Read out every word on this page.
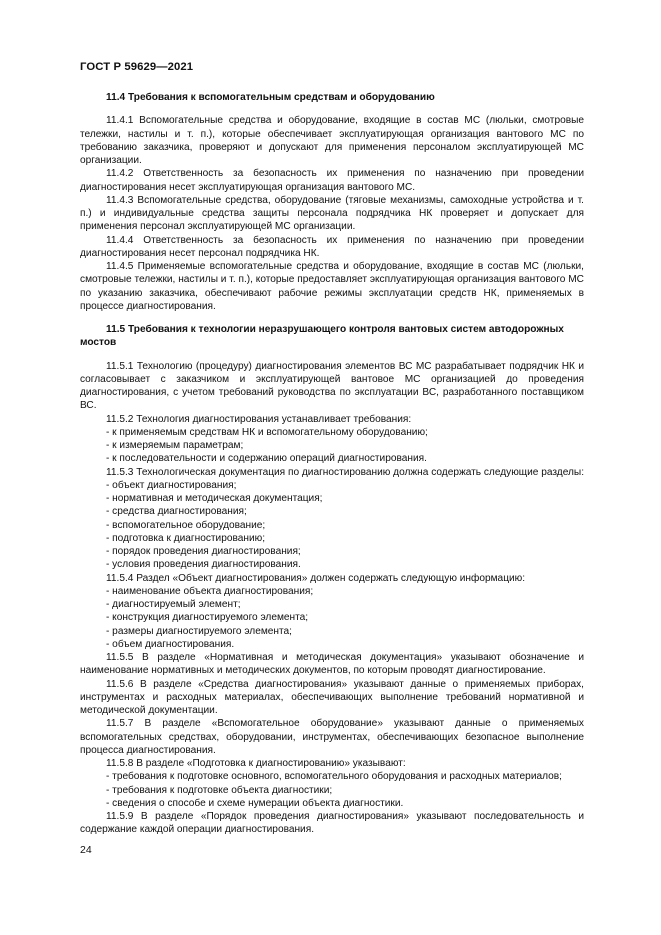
ГОСТ Р 59629—2021
11.4 Требования к вспомогательным средствам и оборудованию

11.4.1 Вспомогательные средства и оборудование, входящие в состав МС (люльки, смотровые тележки, настилы и т. п.), которые обеспечивает эксплуатирующая организация вантового МС по требованию заказчика, проверяют и допускают для применения персоналом эксплуатирующей МС организации.

11.4.2 Ответственность за безопасность их применения по назначению при проведении диагностирования несет эксплуатирующая организация вантового МС.

11.4.3 Вспомогательные средства, оборудование (тяговые механизмы, самоходные устройства и т. п.) и индивидуальные средства защиты персонала подрядчика НК проверяет и допускает для применения персонал эксплуатирующей МС организации.

11.4.4 Ответственность за безопасность их применения по назначению при проведении диагностирования несет персонал подрядчика НК.

11.4.5 Применяемые вспомогательные средства и оборудование, входящие в состав МС (люльки, смотровые тележки, настилы и т. п.), которые предоставляет эксплуатирующая организация вантового МС по указанию заказчика, обеспечивают рабочие режимы эксплуатации средств НК, применяемых в процессе диагностирования.

11.5 Требования к технологии неразрушающего контроля вантовых систем автодорожных мостов

11.5.1 Технологию (процедуру) диагностирования элементов ВС МС разрабатывает подрядчик НК и согласовывает с заказчиком и эксплуатирующей вантовое МС организацией до проведения диагностирования, с учетом требований руководства по эксплуатации ВС, разработанного поставщиком ВС.

11.5.2 Технология диагностирования устанавливает требования:

- к применяемым средствам НК и вспомогательному оборудованию;

- к измеряемым параметрам;

- к последовательности и содержанию операций диагностирования.

11.5.3 Технологическая документация по диагностированию должна содержать следующие разделы:

- объект диагностирования;

- нормативная и методическая документация;

- средства диагностирования;

- вспомогательное оборудование;

- подготовка к диагностированию;

- порядок проведения диагностирования;

- условия проведения диагностирования.

11.5.4 Раздел «Объект диагностирования» должен содержать следующую информацию:

- наименование объекта диагностирования;

- диагностируемый элемент;

- конструкция диагностируемого элемента;

- размеры диагностируемого элемента;

- объем диагностирования.

11.5.5 В разделе «Нормативная и методическая документация» указывают обозначение и наименование нормативных и методических документов, по которым проводят диагностирование.

11.5.6 В разделе «Средства диагностирования» указывают данные о применяемых приборах, инструментах и расходных материалах, обеспечивающих выполнение требований нормативной и методической документации.

11.5.7 В разделе «Вспомогательное оборудование» указывают данные о применяемых вспомогательных средствах, оборудовании, инструментах, обеспечивающих безопасное выполнение процесса диагностирования.

11.5.8 В разделе «Подготовка к диагностированию» указывают:

- требования к подготовке основного, вспомогательного оборудования и расходных материалов;

- требования к подготовке объекта диагностики;

- сведения о способе и схеме нумерации объекта диагностики.

11.5.9 В разделе «Порядок проведения диагностирования» указывают последовательность и содержание каждой операции диагностирования.

24
